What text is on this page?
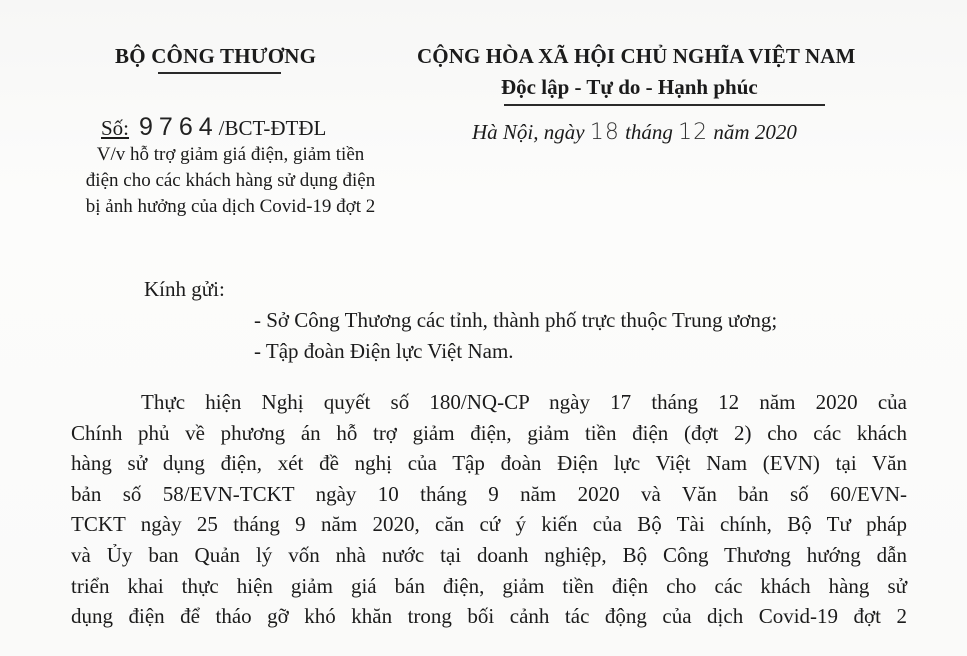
BỘ CÔNG THƯƠNG
Số: 9764/BCT-ĐTĐL
V/v hỗ trợ giảm giá điện, giảm tiền
điện cho các khách hàng sử dụng điện
bị ảnh hưởng của dịch Covid-19 đợt 2
CỘNG HÒA XÃ HỘI CHỦ NGHĨA VIỆT NAM
Độc lập - Tự do - Hạnh phúc
Hà Nội, ngày 18 tháng 12 năm 2020
Kính gửi:
- Sở Công Thương các tỉnh, thành phố trực thuộc Trung ương;
- Tập đoàn Điện lực Việt Nam.
Thực hiện Nghị quyết số 180/NQ-CP ngày 17 tháng 12 năm 2020 của
Chính phủ về phương án hỗ trợ giảm điện, giảm tiền điện (đợt 2) cho các khách
hàng sử dụng điện, xét đề nghị của Tập đoàn Điện lực Việt Nam (EVN) tại Văn
bản số 58/EVN-TCKT ngày 10 tháng 9 năm 2020 và Văn bản số 60/EVN-
TCKT ngày 25 tháng 9 năm 2020, căn cứ ý kiến của Bộ Tài chính, Bộ Tư pháp
và Ủy ban Quản lý vốn nhà nước tại doanh nghiệp, Bộ Công Thương hướng dẫn
triển khai thực hiện giảm giá bán điện, giảm tiền điện cho các khách hàng sử
dụng điện để tháo gỡ khó khăn trong bối cảnh tác động của dịch Covid-19 đợt 2
